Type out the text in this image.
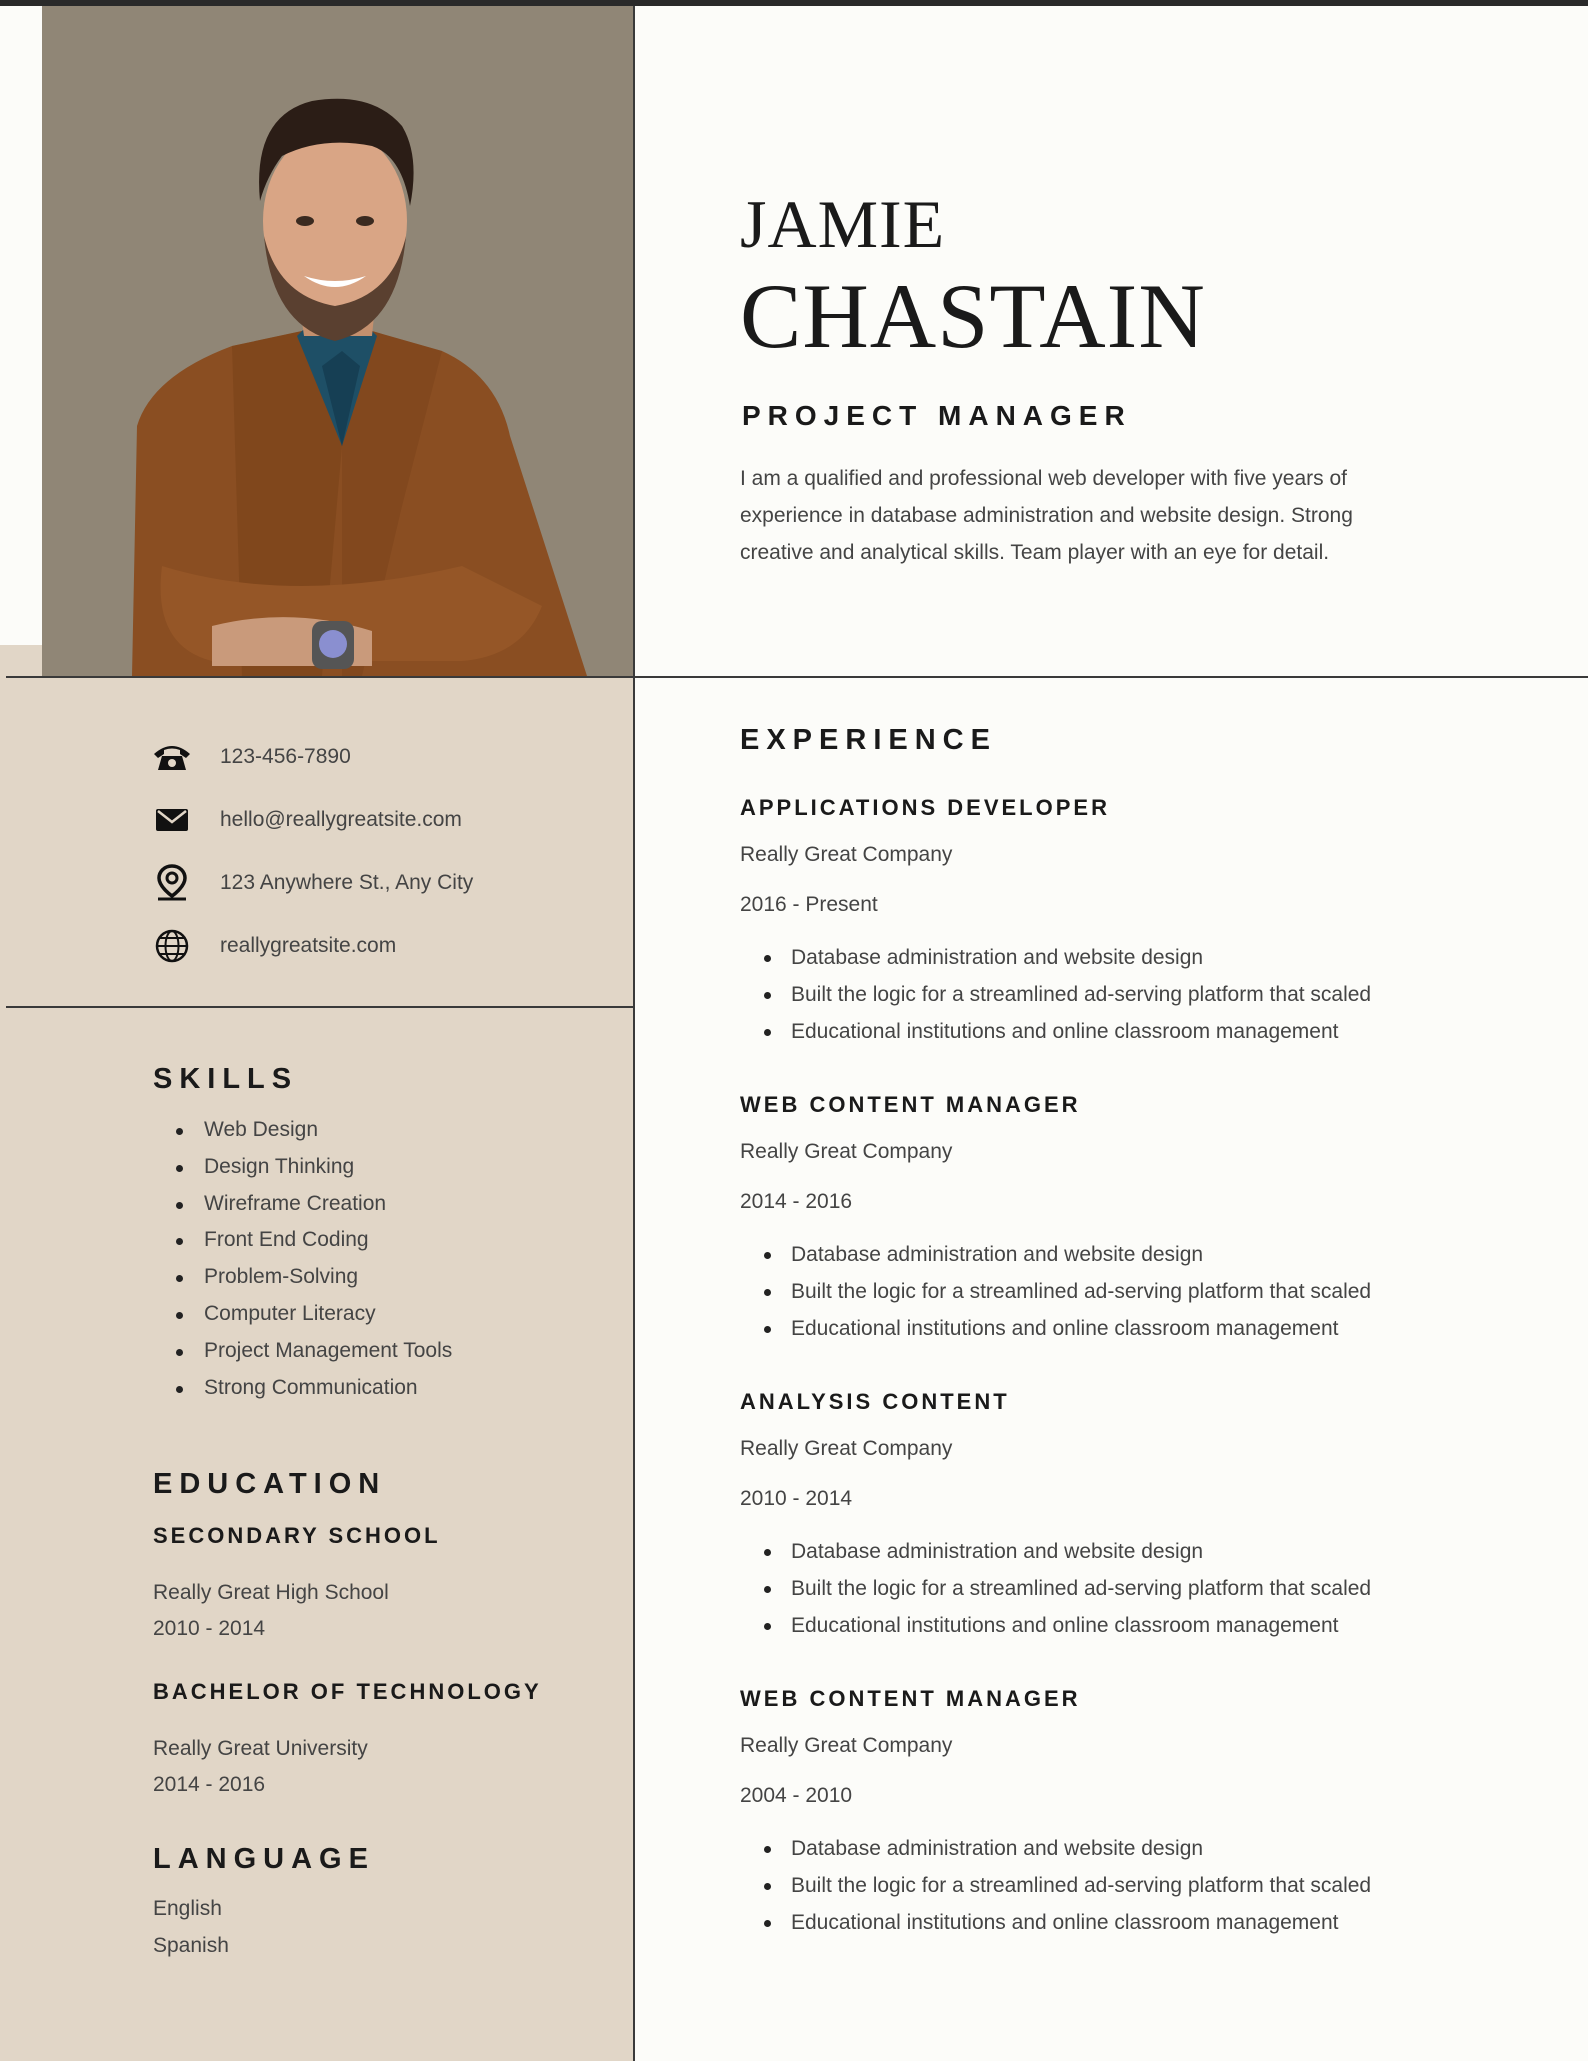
JAMIE
CHASTAIN
PROJECT MANAGER

I am a qualified and professional web developer with five years of experience in database administration and website design. Strong creative and analytical skills. Team player with an eye for detail.

123-456-7890
hello@reallygreatsite.com
123 Anywhere St., Any City
reallygreatsite.com
SKILLS
Web Design
Design Thinking
Wireframe Creation
Front End Coding
Problem-Solving
Computer Literacy
Project Management Tools
Strong Communication
EDUCATION
SECONDARY SCHOOL

Really Great High School

2010 - 2014

BACHELOR OF TECHNOLOGY

Really Great University

2014 - 2016

LANGUAGE

English

Spanish

EXPERIENCE
APPLICATIONS DEVELOPER

Really Great Company

2016 - Present

Database administration and website design
Built the logic for a streamlined ad-serving platform that scaled
Educational institutions and online classroom management
WEB CONTENT MANAGER

Really Great Company

2014 - 2016

Database administration and website design
Built the logic for a streamlined ad-serving platform that scaled
Educational institutions and online classroom management
ANALYSIS CONTENT

Really Great Company

2010 - 2014

Database administration and website design
Built the logic for a streamlined ad-serving platform that scaled
Educational institutions and online classroom management
WEB CONTENT MANAGER

Really Great Company

2004 - 2010

Database administration and website design
Built the logic for a streamlined ad-serving platform that scaled
Educational institutions and online classroom management
